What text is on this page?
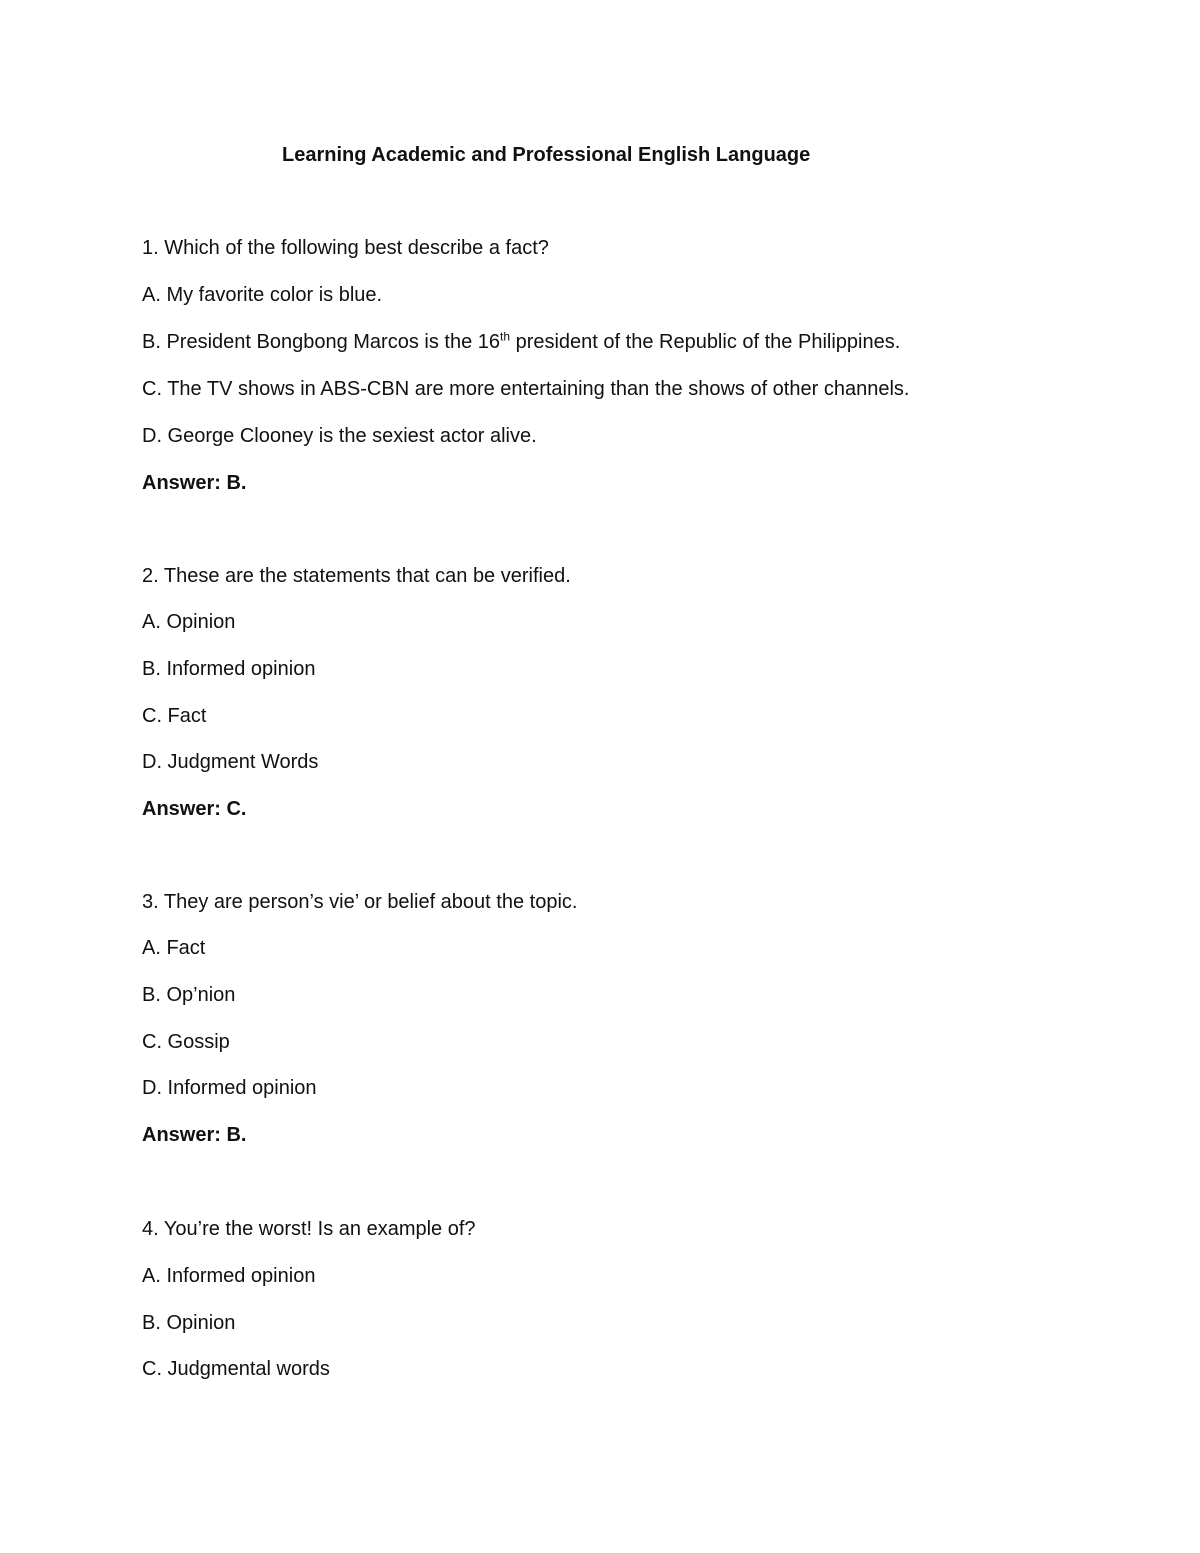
Learning Academic and Professional English Language
1. Which of the following best describe a fact?
A. My favorite color is blue.
B. President Bongbong Marcos is the 16th president of the Republic of the Philippines.
C. The TV shows in ABS-CBN are more entertaining than the shows of other channels.
D. George Clooney is the sexiest actor alive.
Answer: B.
2. These are the statements that can be verified.
A. Opinion
B. Informed opinion
C. Fact
D. Judgment Words
Answer: C.
3. They are person’s vie’ or belief about the topic.
A. Fact
B. Op’nion
C. Gossip
D. Informed opinion
Answer: B.
4. You’re the worst! Is an example of?
A. Informed opinion
B. Opinion
C. Judgmental words
